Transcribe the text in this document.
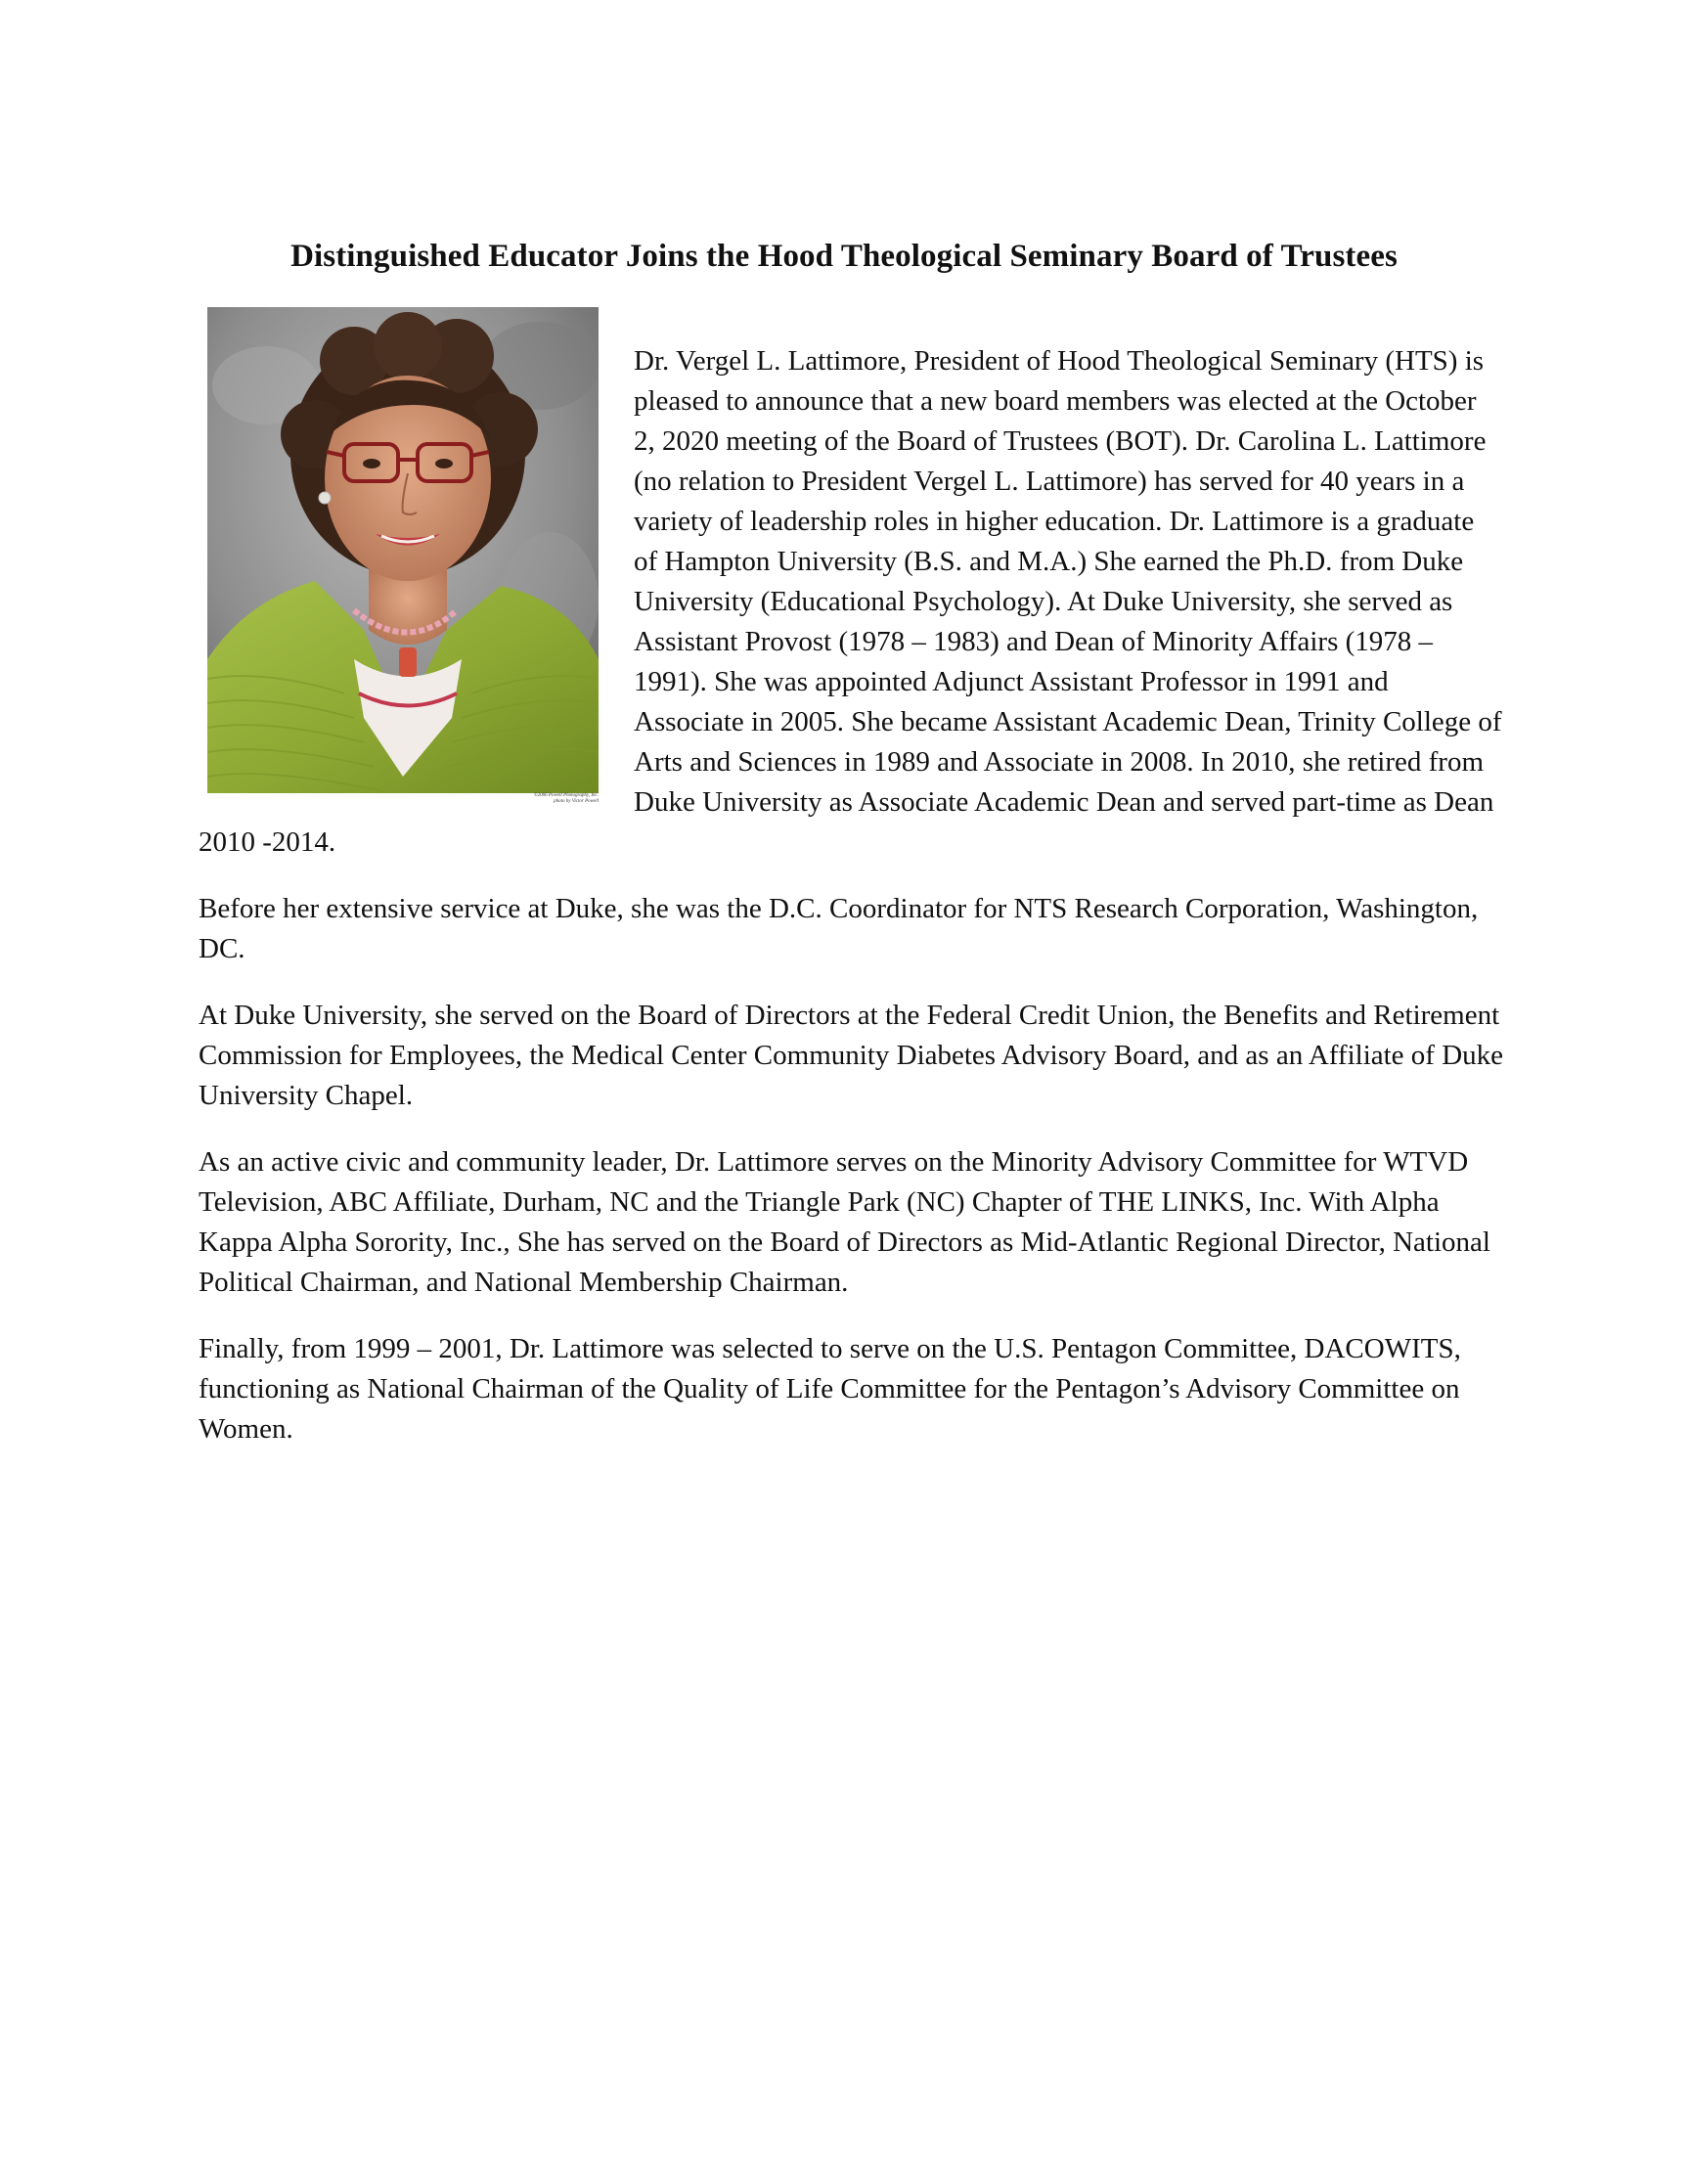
Distinguished Educator Joins the Hood Theological Seminary Board of Trustees
©2006 Powell Photography, Inc.
photo by Victor Powell

Dr. Vergel L. Lattimore, President of Hood Theological Seminary (HTS) is pleased to announce that a new board members was elected at the October 2, 2020 meeting of the Board of Trustees (BOT). Dr. Carolina L. Lattimore (no relation to President Vergel L. Lattimore) has served for 40 years in a variety of leadership roles in higher education. Dr. Lattimore is a graduate of Hampton University (B.S. and M.A.) She earned the Ph.D. from Duke University (Educational Psychology). At Duke University, she served as Assistant Provost (1978 – 1983) and Dean of Minority Affairs (1978 – 1991). She was appointed Adjunct Assistant Professor in 1991 and Associate in 2005. She became Assistant Academic Dean, Trinity College of Arts and Sciences in 1989 and Associate in 2008. In 2010, she retired from Duke University as Associate Academic Dean and served part-time as Dean 2010 -2014.

Before her extensive service at Duke, she was the D.C. Coordinator for NTS Research Corporation, Washington, DC.

At Duke University, she served on the Board of Directors at the Federal Credit Union, the Benefits and Retirement Commission for Employees, the Medical Center Community Diabetes Advisory Board, and as an Affiliate of Duke University Chapel.

As an active civic and community leader, Dr. Lattimore serves on the Minority Advisory Committee for WTVD Television, ABC Affiliate, Durham, NC and the Triangle Park (NC) Chapter of THE LINKS, Inc. With Alpha Kappa Alpha Sorority, Inc., She has served on the Board of Directors as Mid-Atlantic Regional Director, National Political Chairman, and National Membership Chairman.

Finally, from 1999 – 2001, Dr. Lattimore was selected to serve on the U.S. Pentagon Committee, DACOWITS, functioning as National Chairman of the Quality of Life Committee for the Pentagon’s Advisory Committee on Women.
